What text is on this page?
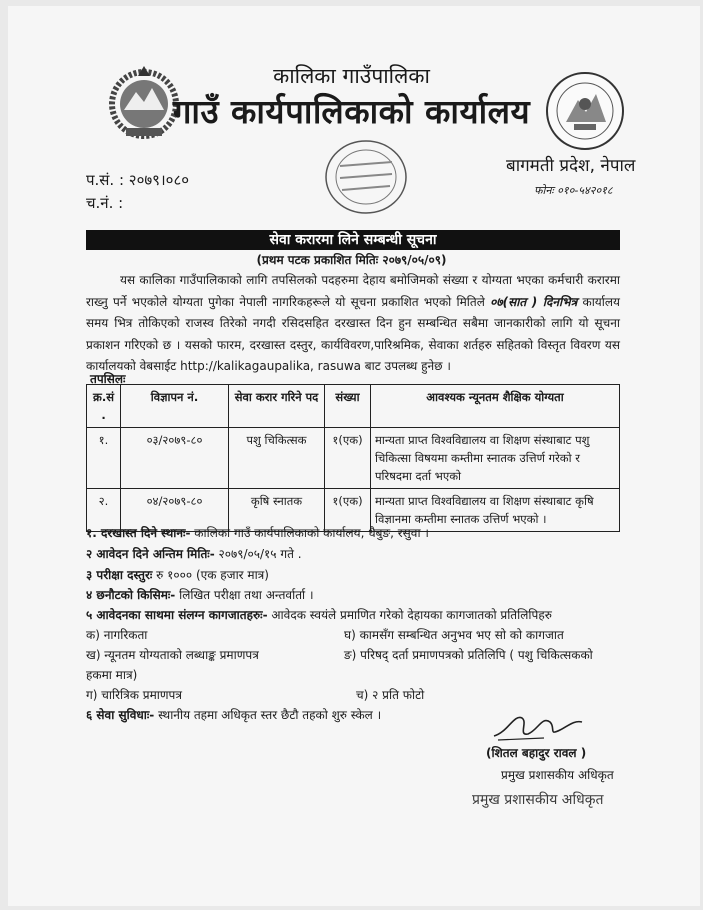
कालिका गाउँपालिका
गाउँ कार्यपालिकाको कार्यालय
प.सं. : २०७९।०८०
च.नं. :
बागमती प्रदेश, नेपाल
फोनः ०१०-५४२०१८
सेवा करारमा लिने सम्बन्धी सूचना
(प्रथम पटक प्रकाशित मितिः २०७९/०५/०९)
यस कालिका गाउँपालिकाको लागि तपसिलको पदहरुमा देहाय बमोजिमको संख्या र योग्यता भएका कर्मचारी करारमा राख्नु पर्ने भएकोले योग्यता पुगेका नेपाली नागरिकहरूले यो सूचना प्रकाशित भएको मितिले ०७(सात ) दिनभित्र कार्यालय समय भित्र तोकिएको राजस्व तिरेको नगदी रसिदसहित दरखास्त दिन हुन सम्बन्धित सबैमा जानकारीको लागि यो सूचना प्रकाशन गरिएको छ । यसको फारम, दरखास्त दस्तुर, कार्यविवरण,पारिश्रमिक, सेवाका शर्तहरु सहितको विस्तृत विवरण यस कार्यालयको वेबसाईट http://kalikagaupalika, rasuwa बाट उपलब्ध हुनेछ ।
तपसिलः
क्र.सं .	विज्ञापन नं.	सेवा करार गरिने पद	संख्या	आवश्यक न्यूनतम शैक्षिक योग्यता
१.	०३/२०७९-८०	पशु चिकित्सक	१(एक)	मान्यता प्राप्त विश्वविद्यालय वा शिक्षण संस्थाबाट पशु चिकित्सा विषयमा कम्तीमा स्नातक उत्तिर्ण गरेको र परिषदमा दर्ता भएको
२.	०४/२०७९-८०	कृषि स्नातक	१(एक)	मान्यता प्राप्त विश्वविद्यालय वा शिक्षण संस्थाबाट कृषि विज्ञानमा कम्तीमा स्नातक उत्तिर्ण भएको ।
१. दरखास्त दिने स्थानः- कालिका गाउँ कार्यपालिकाको कार्यालय, धैबुङ, रसुवा ।
२ आवेदन दिने अन्तिम मितिः- २०७९/०५/१५ गते .
३ परीक्षा दस्तुरः रु १००० (एक हजार मात्र)
४ छनौटको किसिमः- लिखित परीक्षा तथा अन्तर्वार्ता ।
५ आवेदनका साथमा संलग्न कागजातहरुः- आवेदक स्वयंले प्रमाणित गरेको देहायका कागजातको प्रतिलिपिहरु
क) नागरिकता	घ) कामसँग सम्बन्धित अनुभव भए सो को कागजात
ख) न्यूनतम योग्यताको लब्धाङ्क प्रमाणपत्र	ङ) परिषद् दर्ता प्रमाणपत्रको प्रतिलिपि ( पशु चिकित्सकको
हकमा मात्र)
ग) चारित्रिक प्रमाणपत्र	च) २ प्रति फोटो
६ सेवा सुविधाः- स्थानीय तहमा अधिकृत स्तर छैटौ तहको शुरु स्केल ।
(शितल बहादुर रावल )
प्रमुख प्रशासकीय अधिकृत
प्रमुख प्रशासकीय अधिकृत
